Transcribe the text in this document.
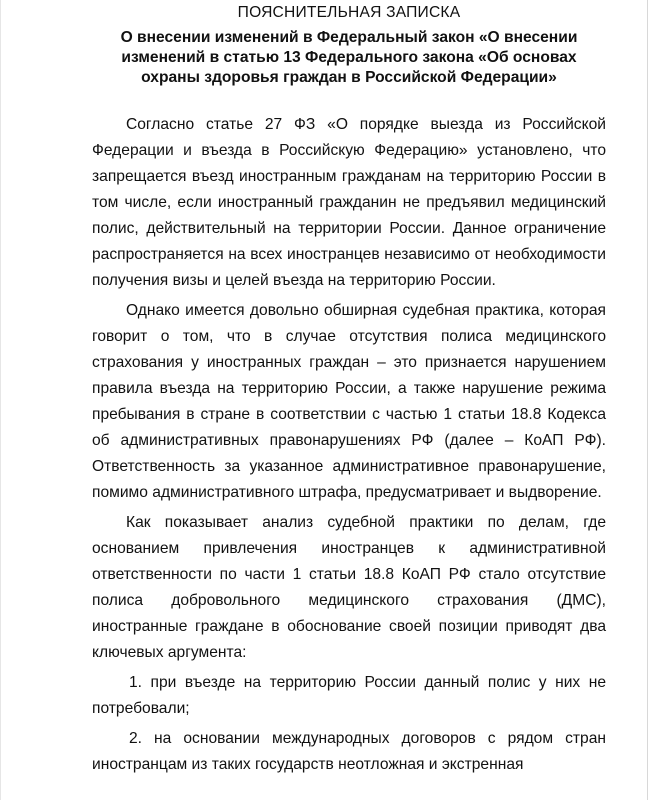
ПОЯСНИТЕЛЬНАЯ ЗАПИСКА
О внесении изменений в Федеральный закон «О внесении изменений в статью 13 Федерального закона «Об основах охраны здоровья граждан в Российской Федерации»

Согласно статье 27 ФЗ «О порядке выезда из Российской Федерации и въезда в Российскую Федерацию» установлено, что запрещается въезд иностранным гражданам на территорию России в том числе, если иностранный гражданин не предъявил медицинский полис, действительный на территории России. Данное ограничение распространяется на всех иностранцев независимо от необходимости получения визы и целей въезда на территорию России.

Однако имеется довольно обширная судебная практика, которая говорит о том, что в случае отсутствия полиса медицинского страхования у иностранных граждан – это признается нарушением правила въезда на территорию России, а также нарушение режима пребывания в стране в соответствии с частью 1 статьи 18.8 Кодекса об административных правонарушениях РФ (далее – КоАП РФ). Ответственность за указанное административное правонарушение, помимо административного штрафа, предусматривает и выдворение.

Как показывает анализ судебной практики по делам, где основанием привлечения иностранцев к административной ответственности по части 1 статьи 18.8 КоАП РФ стало отсутствие полиса добровольного медицинского страхования (ДМС), иностранные граждане в обоснование своей позиции приводят два ключевых аргумента:

1. при въезде на территорию России данный полис у них не потребовали;

2. на основании международных договоров с рядом стран иностранцам из таких государств неотложная и экстренная
